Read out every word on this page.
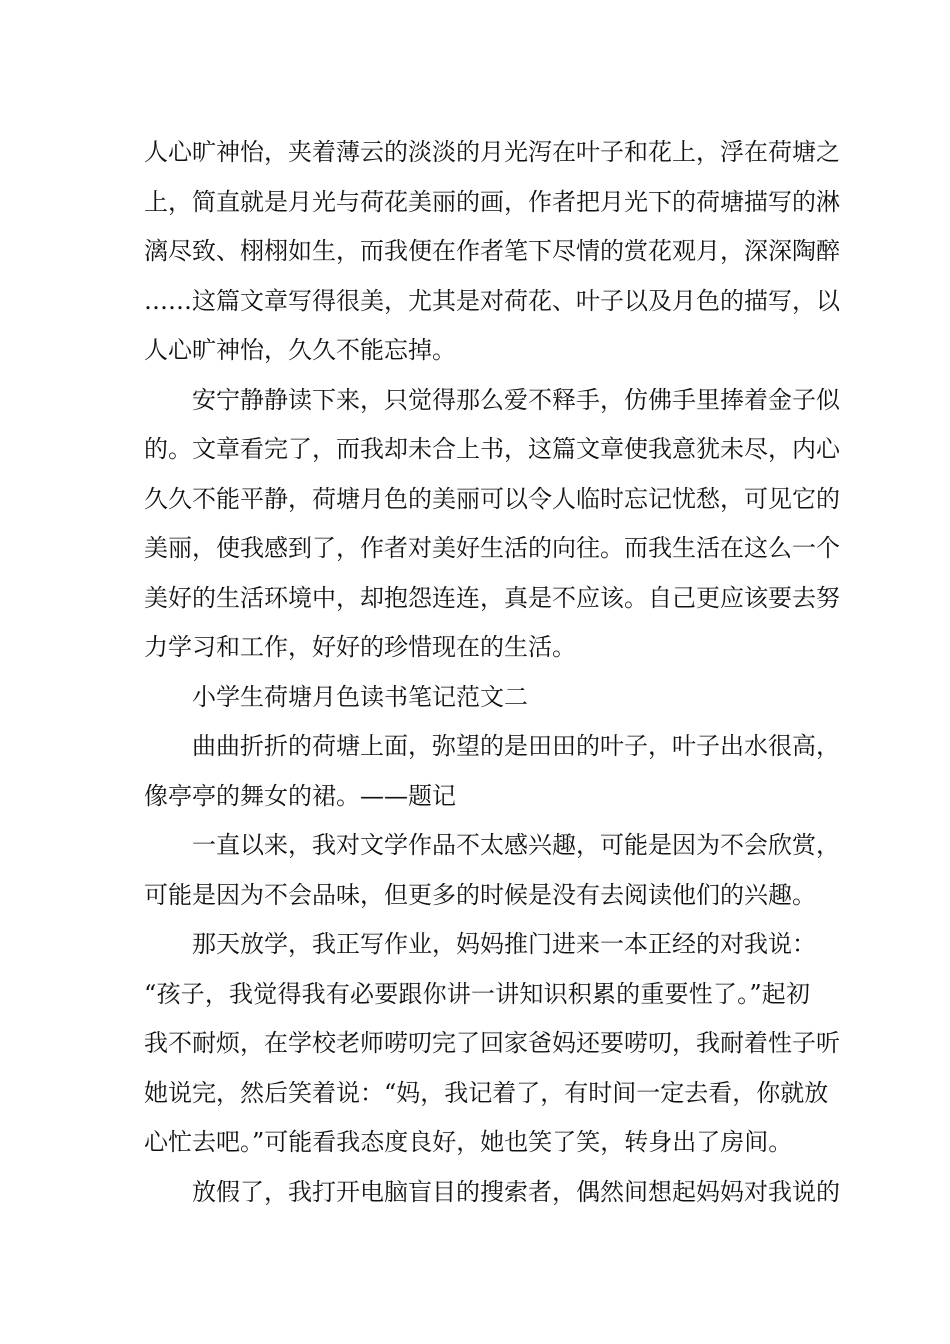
人心旷神怡，夹着薄云的淡淡的月光泻在叶子和花上，浮在荷塘之
上，简直就是月光与荷花美丽的画，作者把月光下的荷塘描写的淋
漓尽致、栩栩如生，而我便在作者笔下尽情的赏花观月，深深陶醉
……这篇文章写得很美，尤其是对荷花、叶子以及月色的描写，以
人心旷神怡，久久不能忘掉。
安宁静静读下来，只觉得那么爱不释手，仿佛手里捧着金子似
的。文章看完了，而我却未合上书，这篇文章使我意犹未尽，内心
久久不能平静，荷塘月色的美丽可以令人临时忘记忧愁，可见它的
美丽，使我感到了，作者对美好生活的向往。而我生活在这么一个
美好的生活环境中，却抱怨连连，真是不应该。自己更应该要去努
力学习和工作，好好的珍惜现在的生活。
小学生荷塘月色读书笔记范文二
曲曲折折的荷塘上面，弥望的是田田的叶子，叶子出水很高，
像亭亭的舞女的裙。——题记
一直以来，我对文学作品不太感兴趣，可能是因为不会欣赏，
可能是因为不会品味，但更多的时候是没有去阅读他们的兴趣。
那天放学，我正写作业，妈妈推门进来一本正经的对我说：
“孩子，我觉得我有必要跟你讲一讲知识积累的重要性了。”起初
我不耐烦，在学校老师唠叨完了回家爸妈还要唠叨，我耐着性子听
她说完，然后笑着说：“妈，我记着了，有时间一定去看，你就放
心忙去吧。”可能看我态度良好，她也笑了笑，转身出了房间。
放假了，我打开电脑盲目的搜索者，偶然间想起妈妈对我说的
